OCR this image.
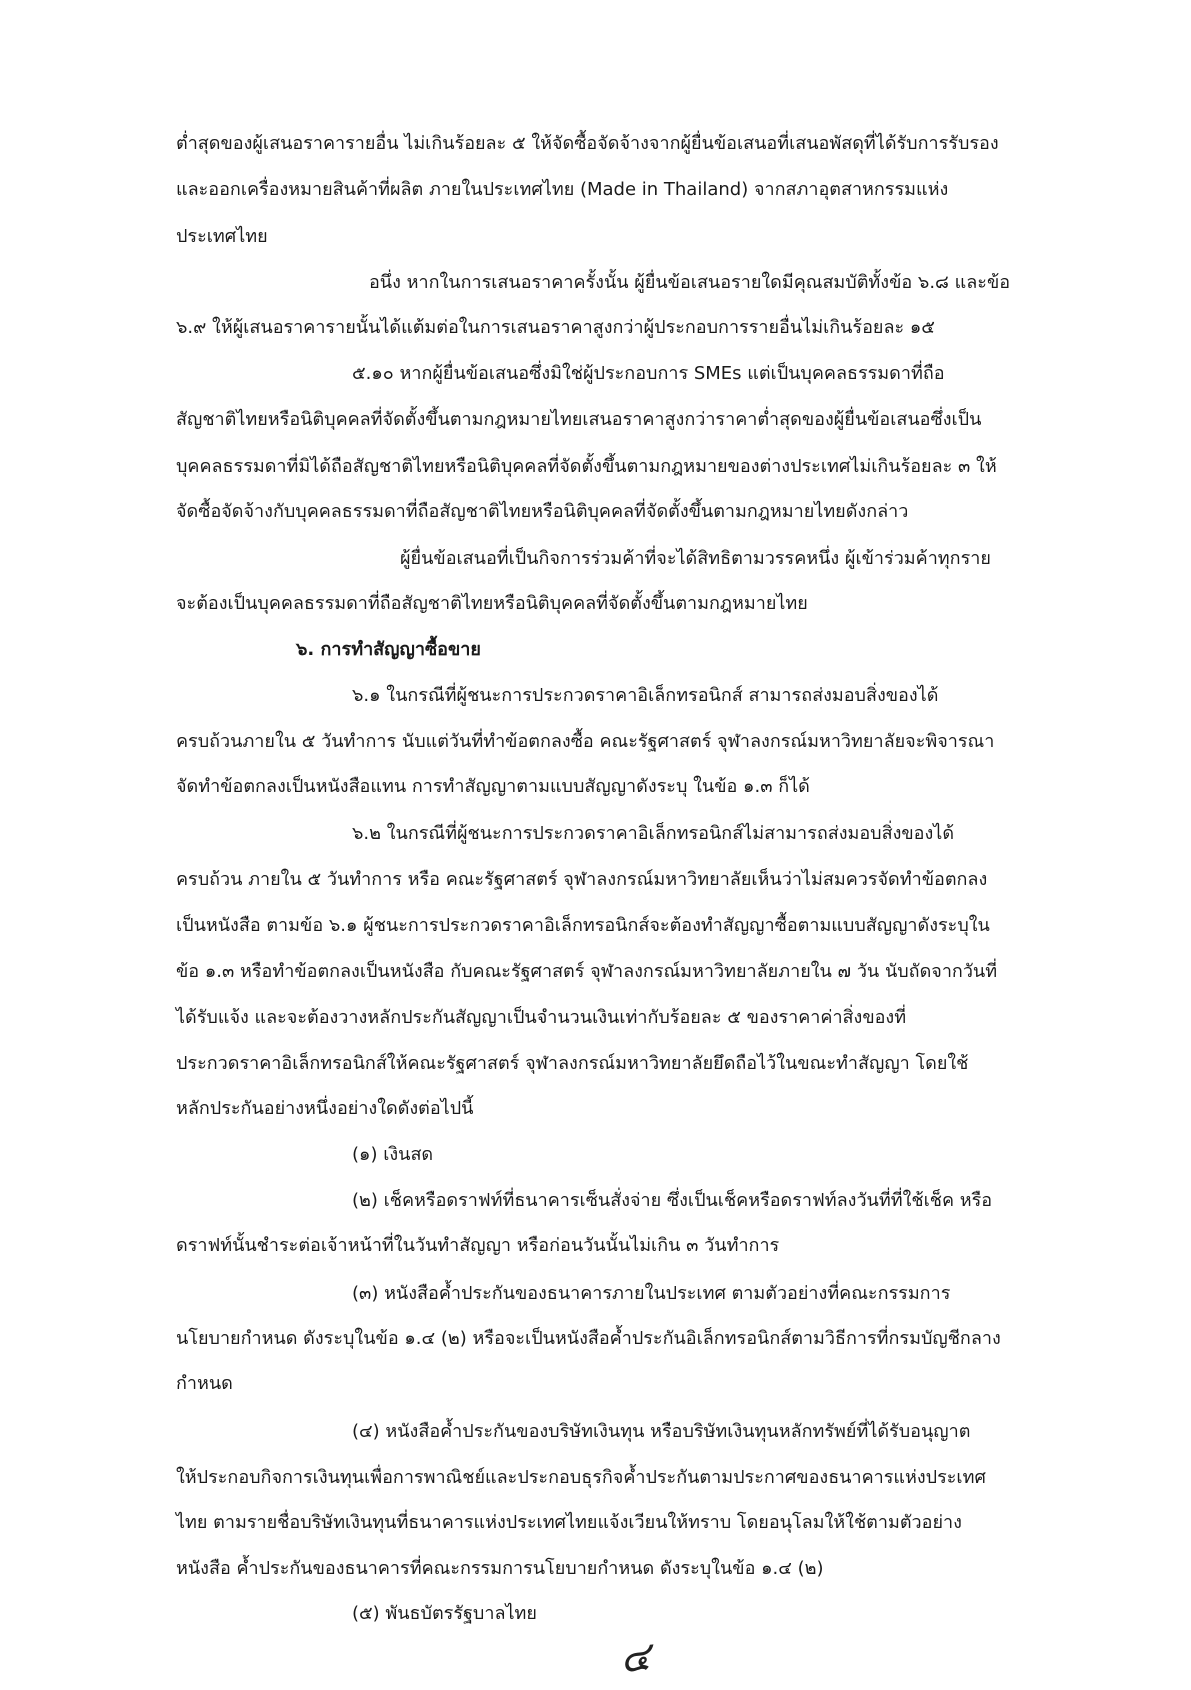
ต่ำสุดของผู้เสนอราคารายอื่น ไม่เกินร้อยละ ๕ ให้จัดซื้อจัดจ้างจากผู้ยื่นข้อเสนอที่เสนอพัสดุที่ได้รับการรับรอง
และออกเครื่องหมายสินค้าที่ผลิต ภายในประเทศไทย (Made in Thailand) จากสภาอุตสาหกรรมแห่ง
ประเทศไทย
อนึ่ง หากในการเสนอราคาครั้งนั้น ผู้ยื่นข้อเสนอรายใดมีคุณสมบัติทั้งข้อ ๖.๘ และข้อ
๖.๙ ให้ผู้เสนอราคารายนั้นได้แต้มต่อในการเสนอราคาสูงกว่าผู้ประกอบการรายอื่นไม่เกินร้อยละ ๑๕
๕.๑๐ หากผู้ยื่นข้อเสนอซึ่งมิใช่ผู้ประกอบการ SMEs แต่เป็นบุคคลธรรมดาที่ถือ
สัญชาติไทยหรือนิติบุคคลที่จัดตั้งขึ้นตามกฎหมายไทยเสนอราคาสูงกว่าราคาต่ำสุดของผู้ยื่นข้อเสนอซึ่งเป็น
บุคคลธรรมดาที่มิได้ถือสัญชาติไทยหรือนิติบุคคลที่จัดตั้งขึ้นตามกฎหมายของต่างประเทศไม่เกินร้อยละ ๓ ให้
จัดซื้อจัดจ้างกับบุคคลธรรมดาที่ถือสัญชาติไทยหรือนิติบุคคลที่จัดตั้งขึ้นตามกฎหมายไทยดังกล่าว
ผู้ยื่นข้อเสนอที่เป็นกิจการร่วมค้าที่จะได้สิทธิตามวรรคหนึ่ง ผู้เข้าร่วมค้าทุกราย
จะต้องเป็นบุคคลธรรมดาที่ถือสัญชาติไทยหรือนิติบุคคลที่จัดตั้งขึ้นตามกฎหมายไทย
๖. การทำสัญญาซื้อขาย
๖.๑ ในกรณีที่ผู้ชนะการประกวดราคาอิเล็กทรอนิกส์ สามารถส่งมอบสิ่งของได้
ครบถ้วนภายใน ๕ วันทำการ นับแต่วันที่ทำข้อตกลงซื้อ คณะรัฐศาสตร์ จุฬาลงกรณ์มหาวิทยาลัยจะพิจารณา
จัดทำข้อตกลงเป็นหนังสือแทน การทำสัญญาตามแบบสัญญาดังระบุ ในข้อ ๑.๓ ก็ได้
๖.๒ ในกรณีที่ผู้ชนะการประกวดราคาอิเล็กทรอนิกส์ไม่สามารถส่งมอบสิ่งของได้
ครบถ้วน ภายใน ๕ วันทำการ หรือ คณะรัฐศาสตร์ จุฬาลงกรณ์มหาวิทยาลัยเห็นว่าไม่สมควรจัดทำข้อตกลง
เป็นหนังสือ ตามข้อ ๖.๑ ผู้ชนะการประกวดราคาอิเล็กทรอนิกส์จะต้องทำสัญญาซื้อตามแบบสัญญาดังระบุใน
ข้อ ๑.๓ หรือทำข้อตกลงเป็นหนังสือ กับคณะรัฐศาสตร์ จุฬาลงกรณ์มหาวิทยาลัยภายใน ๗ วัน นับถัดจากวันที่
ได้รับแจ้ง และจะต้องวางหลักประกันสัญญาเป็นจำนวนเงินเท่ากับร้อยละ ๕ ของราคาค่าสิ่งของที่
ประกวดราคาอิเล็กทรอนิกส์ให้คณะรัฐศาสตร์ จุฬาลงกรณ์มหาวิทยาลัยยึดถือไว้ในขณะทำสัญญา โดยใช้
หลักประกันอย่างหนึ่งอย่างใดดังต่อไปนี้
(๑) เงินสด
(๒) เช็คหรือดราฟท์ที่ธนาคารเซ็นสั่งจ่าย ซึ่งเป็นเช็คหรือดราฟท์ลงวันที่ที่ใช้เช็ค หรือ
ดราฟท์นั้นชำระต่อเจ้าหน้าที่ในวันทำสัญญา หรือก่อนวันนั้นไม่เกิน ๓ วันทำการ
(๓) หนังสือค้ำประกันของธนาคารภายในประเทศ ตามตัวอย่างที่คณะกรรมการ
นโยบายกำหนด ดังระบุในข้อ ๑.๔ (๒) หรือจะเป็นหนังสือค้ำประกันอิเล็กทรอนิกส์ตามวิธีการที่กรมบัญชีกลาง
กำหนด
(๔) หนังสือค้ำประกันของบริษัทเงินทุน หรือบริษัทเงินทุนหลักทรัพย์ที่ได้รับอนุญาต
ให้ประกอบกิจการเงินทุนเพื่อการพาณิชย์และประกอบธุรกิจค้ำประกันตามประกาศของธนาคารแห่งประเทศ
ไทย ตามรายชื่อบริษัทเงินทุนที่ธนาคารแห่งประเทศไทยแจ้งเวียนให้ทราบ โดยอนุโลมให้ใช้ตามตัวอย่าง
หนังสือ ค้ำประกันของธนาคารที่คณะกรรมการนโยบายกำหนด ดังระบุในข้อ ๑.๔ (๒)
(๕) พันธบัตรรัฐบาลไทย
๔
